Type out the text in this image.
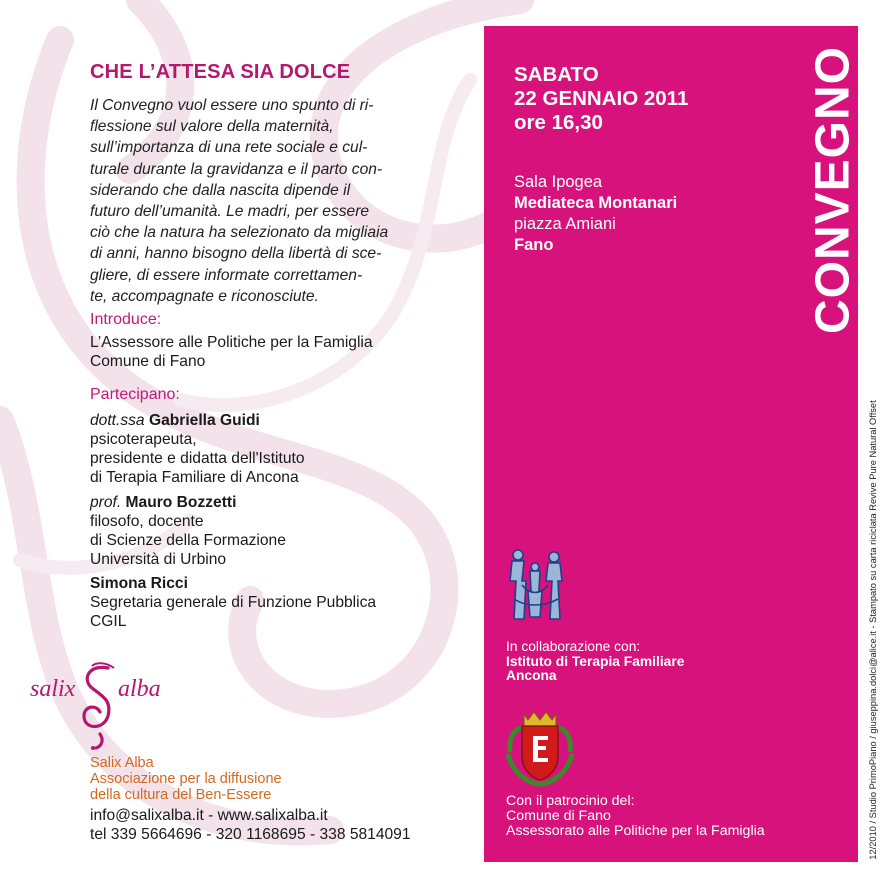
CHE L’ATTESA SIA DOLCE
Il Convegno vuol essere uno spunto di ri-
flessione sul valore della maternità,
sull’importanza di una rete sociale e cul-
turale durante la gravidanza e il parto con-
siderando che dalla nascita dipende il
futuro dell’umanità. Le madri, per essere
ciò che la natura ha selezionato da migliaia
di anni, hanno bisogno della libertà di sce-
gliere, di essere informate correttamen-
te, accompagnate e riconosciute.
Introduce:
L’Assessore alle Politiche per la Famiglia
Comune di Fano
Partecipano:
dott.ssa Gabriella Guidi
psicoterapeuta,
presidente e didatta dell'Istituto
di Terapia Familiare di Ancona
prof. Mauro Bozzetti
filosofo, docente
di Scienze della Formazione
Università di Urbino
Simona Ricci
Segretaria generale di Funzione Pubblica
CGIL
salix alba
Salix Alba
Associazione per la diffusione
della cultura del Ben-Essere
info@salixalba.it - www.salixalba.it
tel 339 5664696 - 320 1168695 - 338 5814091
SABATO
22 GENNAIO 2011
ore 16,30
Sala Ipogea
Mediateca Montanari
piazza Amiani
Fano	CONVEGNO
In collaborazione con:
Istituto di Terapia Familiare
Ancona
Con il patrocinio del:
Comune di Fano
Assessorato alle Politiche per la Famiglia	12/2010 / Studio PrimoPiano / giuseppina.dolci@alice.it - Stampato su carta riciclata Revive Pure Natural Offset
